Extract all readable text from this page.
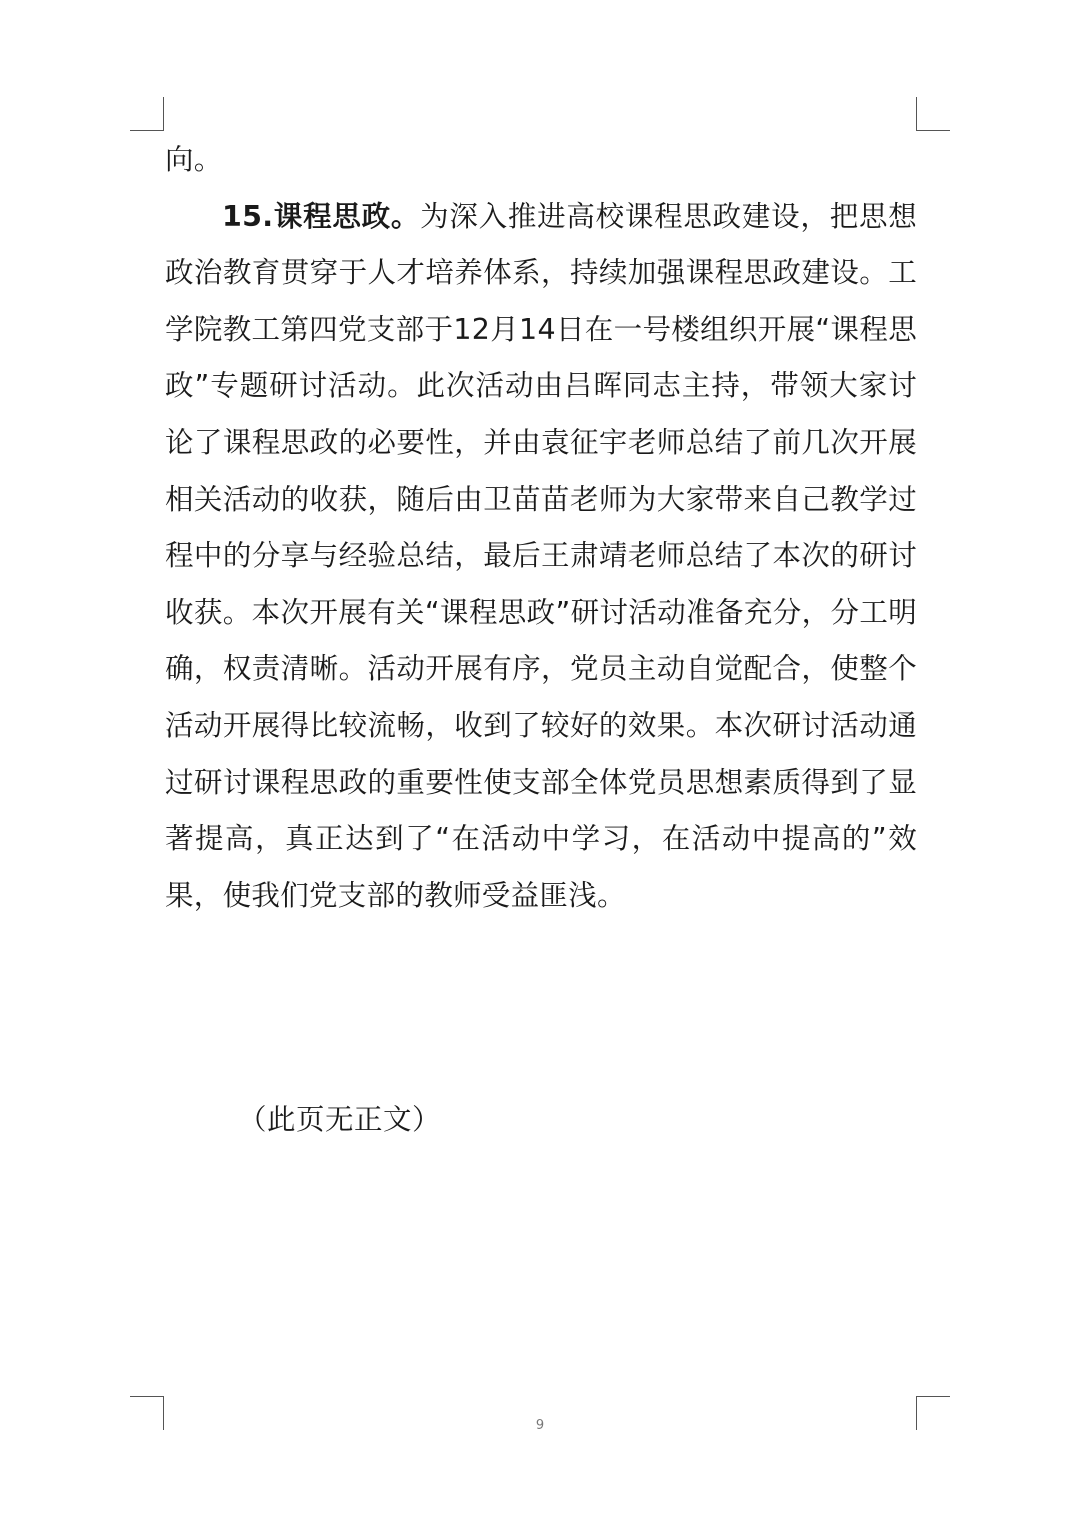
向。

15.课程思政。为深入推进高校课程思政建设，把思想政治教育贯穿于人才培养体系，持续加强课程思政建设。工学院教工第四党支部于12月14日在一号楼组织开展“课程思政”专题研讨活动。此次活动由吕晖同志主持，带领大家讨论了课程思政的必要性，并由袁征宇老师总结了前几次开展相关活动的收获，随后由卫苗苗老师为大家带来自己教学过程中的分享与经验总结，最后王肃靖老师总结了本次的研讨收获。本次开展有关“课程思政”研讨活动准备充分，分工明确，权责清晰。活动开展有序，党员主动自觉配合，使整个活动开展得比较流畅，收到了较好的效果。本次研讨活动通过研讨课程思政的重要性使支部全体党员思想素质得到了显著提高，真正达到了“在活动中学习，在活动中提高的”效果，使我们党支部的教师受益匪浅。

（此页无正文）
9
